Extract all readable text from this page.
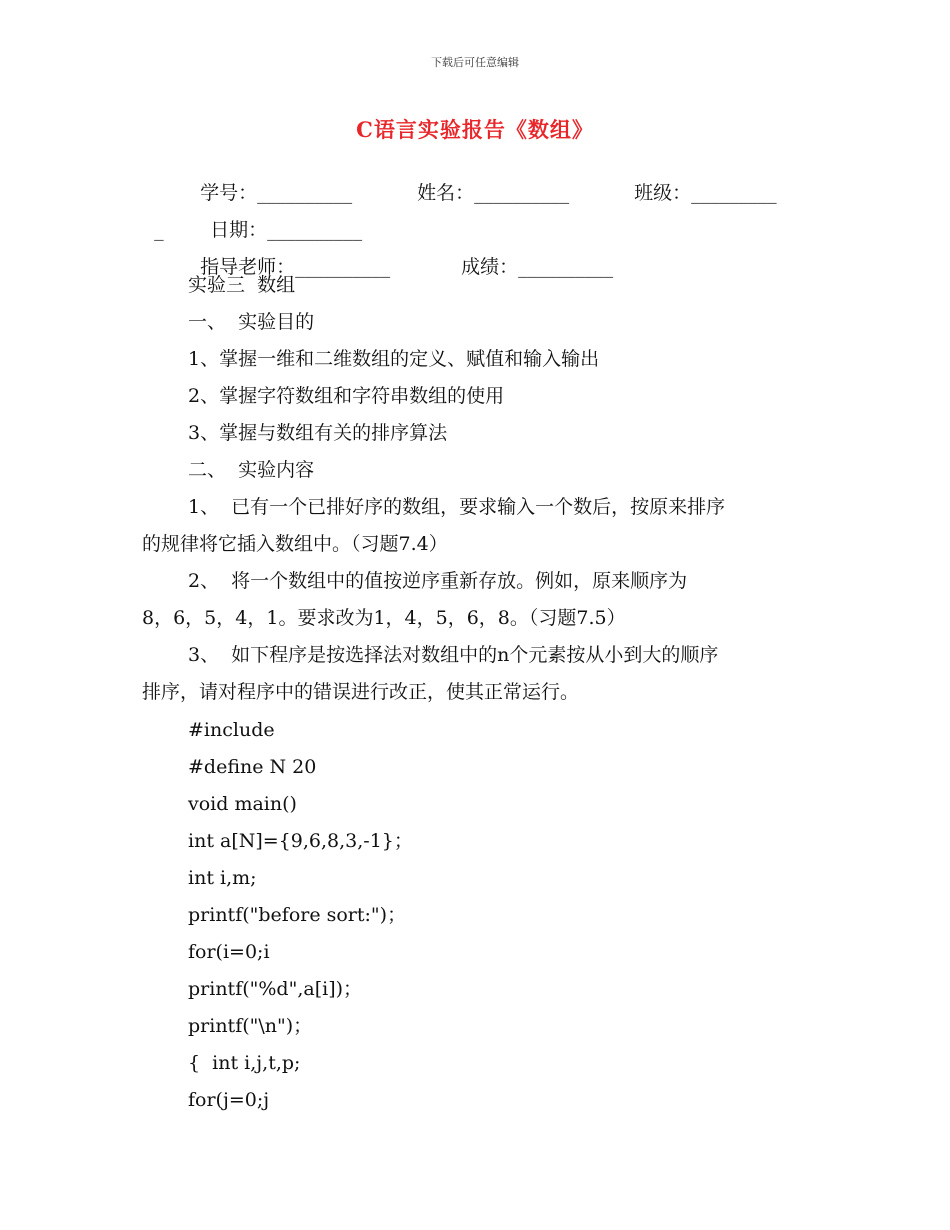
下载后可任意编辑
C语言实验报告《数组》

学号：__________	姓名：__________	班级：_________

_	日期：__________

指导老师：__________	成绩：__________

实验三  数组
一、  实验目的
1、掌握一维和二维数组的定义、赋值和输入输出
2、掌握字符数组和字符串数组的使用
3、掌握与数组有关的排序算法
二、  实验内容
1、  已有一个已排好序的数组，要求输入一个数后，按原来排序
的规律将它插入数组中。（习题7.4）
2、  将一个数组中的值按逆序重新存放。例如，原来顺序为
8，6，5，4，1。要求改为1，4，5，6，8。（习题7.5）
3、  如下程序是按选择法对数组中的n个元素按从小到大的顺序
排序，请对程序中的错误进行改正，使其正常运行。
#include
#define N 20
void main()
int a[N]={9,6,8,3,-1}；
int i,m;
printf("before sort:")；
for(i=0;i
printf("%d",a[i])；
printf("\n")；
{  int i,j,t,p;
for(j=0;j
